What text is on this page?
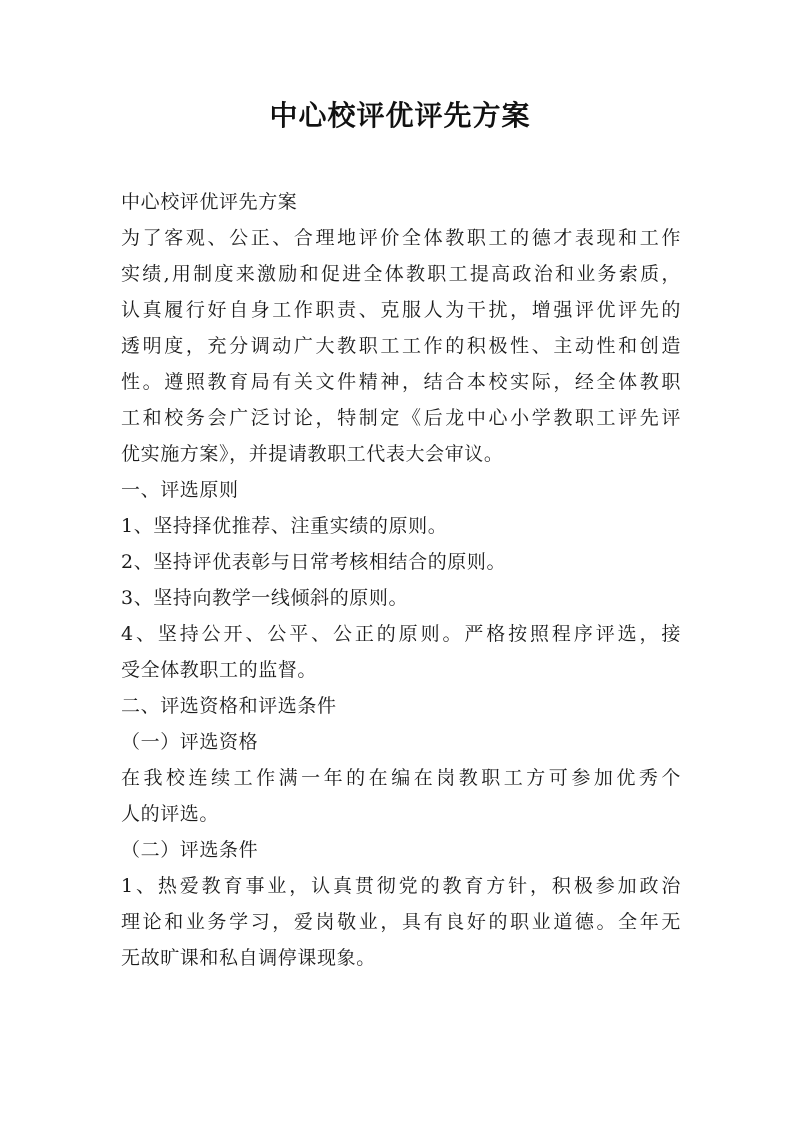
中心校评优评先方案
中心校评优评先方案
为了客观、公正、合理地评价全体教职工的德才表现和工作
实绩,用制度来激励和促进全体教职工提高政治和业务索质，
认真履行好自身工作职责、克服人为干扰，增强评优评先的
透明度，充分调动广大教职工工作的积极性、主动性和创造
性。遵照教育局有关文件精神，结合本校实际，经全体教职
工和校务会广泛讨论，特制定《后龙中心小学教职工评先评
优实施方案》，并提请教职工代表大会审议。
一、评选原则
1、坚持择优推荐、注重实绩的原则。
2、坚持评优表彰与日常考核相结合的原则。
3、坚持向教学一线倾斜的原则。
4、坚持公开、公平、公正的原则。严格按照程序评选，接
受全体教职工的监督。
二、评选资格和评选条件
（一）评选资格
在我校连续工作满一年的在编在岗教职工方可参加优秀个
人的评选。
（二）评选条件
1、热爱教育事业，认真贯彻党的教育方针，积极参加政治
理论和业务学习，爱岗敬业，具有良好的职业道德。全年无
无故旷课和私自调停课现象。
